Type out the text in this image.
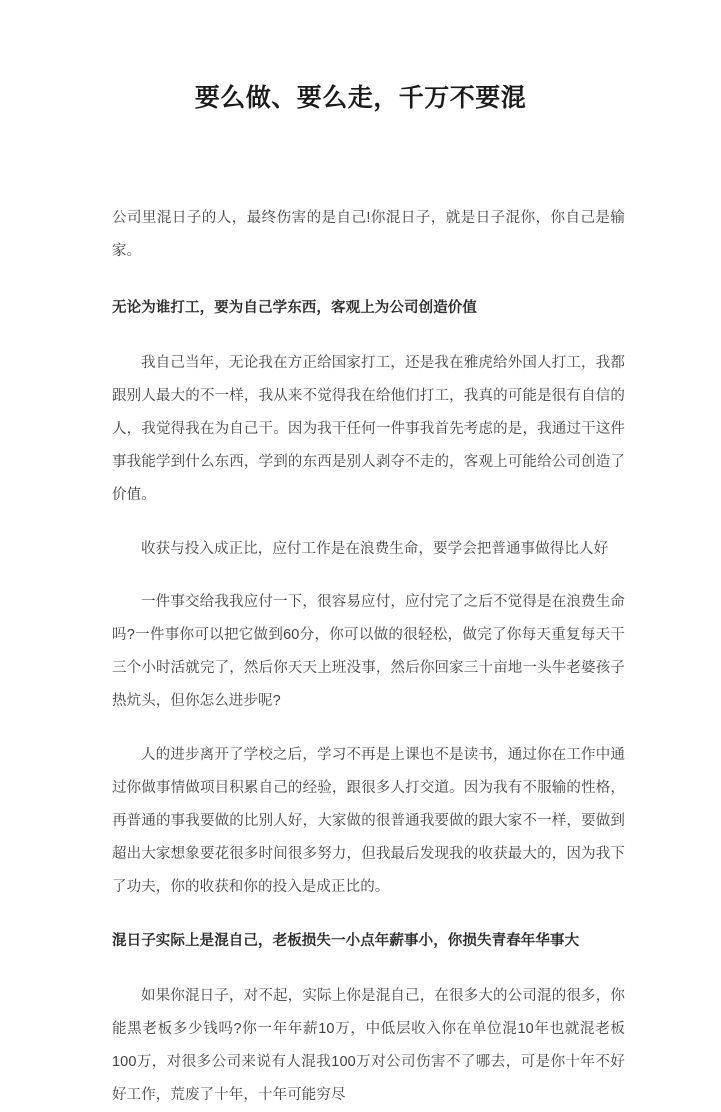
要么做、要么走，千万不要混

公司里混日子的人，最终伤害的是自己!你混日子，就是日子混你，你自己是输家。

无论为谁打工，要为自己学东西，客观上为公司创造价值

我自己当年，无论我在方正给国家打工，还是我在雅虎给外国人打工，我都跟别人最大的不一样，我从来不觉得我在给他们打工，我真的可能是很有自信的人，我觉得我在为自己干。因为我干任何一件事我首先考虑的是，我通过干这件事我能学到什么东西，学到的东西是别人剥夺不走的，客观上可能给公司创造了价值。

收获与投入成正比，应付工作是在浪费生命，要学会把普通事做得比人好

一件事交给我我应付一下，很容易应付，应付完了之后不觉得是在浪费生命吗?一件事你可以把它做到60分，你可以做的很轻松，做完了你每天重复每天干三个小时活就完了，然后你天天上班没事，然后你回家三十亩地一头牛老婆孩子热炕头，但你怎么进步呢?

人的进步离开了学校之后，学习不再是上课也不是读书，通过你在工作中通过你做事情做项目积累自己的经验，跟很多人打交道。因为我有不服输的性格，再普通的事我要做的比别人好，大家做的很普通我要做的跟大家不一样，要做到超出大家想象要花很多时间很多努力，但我最后发现我的收获最大的，因为我下了功夫，你的收获和你的投入是成正比的。

混日子实际上是混自己，老板损失一小点年薪事小，你损失青春年华事大

如果你混日子，对不起，实际上你是混自己，在很多大的公司混的很多，你能黑老板多少钱吗?你一年年薪10万，中低层收入你在单位混10年也就混老板100万，对很多公司来说有人混我100万对公司伤害不了哪去，可是你十年不好好工作，荒废了十年，十年可能穷尽
